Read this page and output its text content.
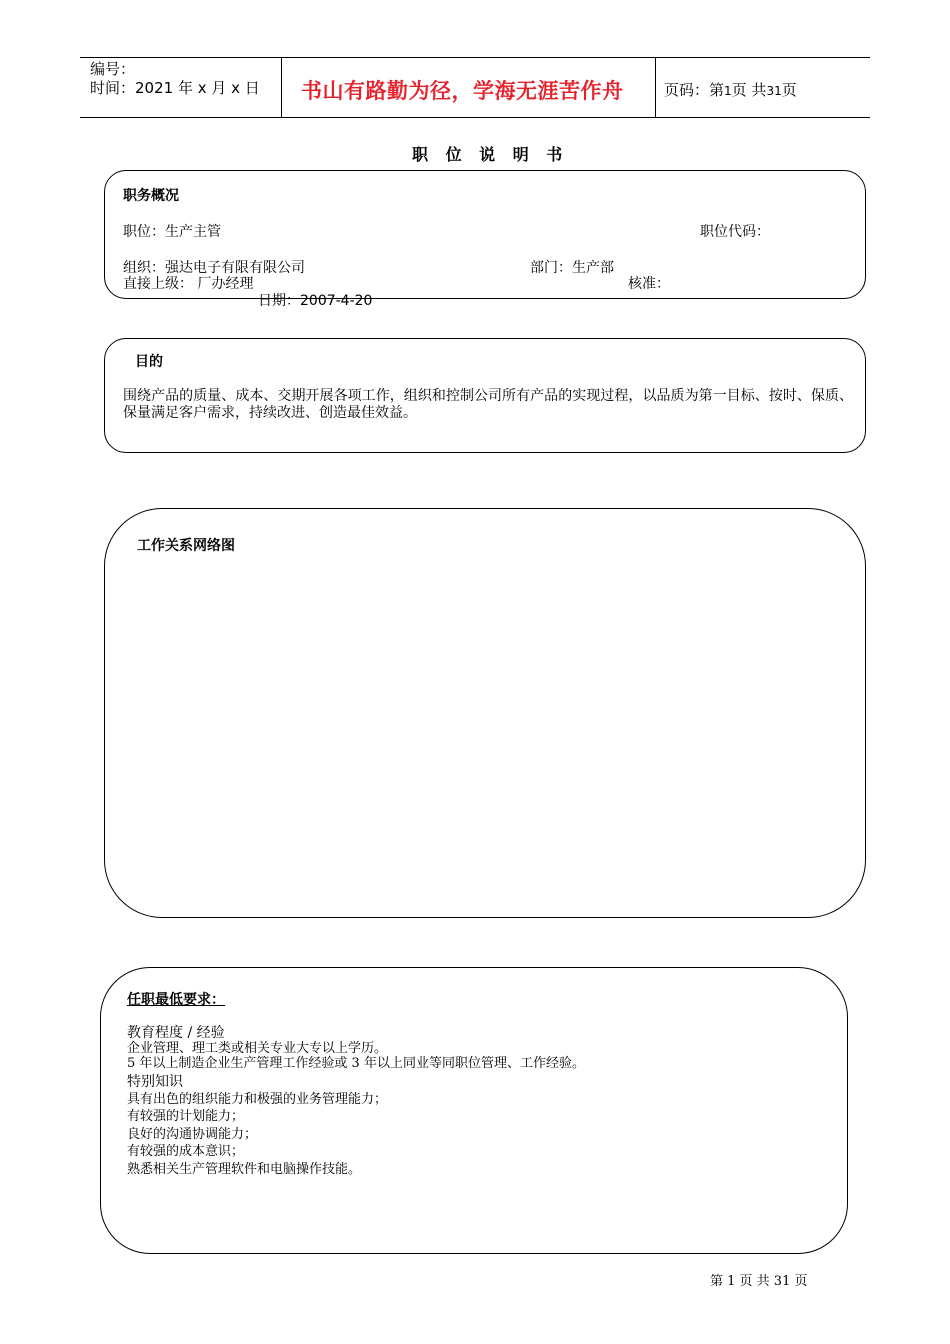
编号：
时间：2021 年 x 月 x 日 书山有路勤为径，学海无涯苦作舟	页码：第1页 共31页
职 位 说 明 书
职务概况
职位：生产主管	职位代码：
组织：强达电子有限有限公司	部门：生产部
直接上级： 厂办经理	核准：
日期：2007-4-20
目的
围绕产品的质量、成本、交期开展各项工作，组织和控制公司所有产品的实现过程，以品质为第一目标、按时、保质、保量满足客户需求，持续改进、创造最佳效益。
工作关系网络图
任职最低要求：
教育程度 / 经验
企业管理、理工类或相关专业大专以上学历。
5 年以上制造企业生产管理工作经验或 3 年以上同业等同职位管理、工作经验。
特别知识
具有出色的组织能力和极强的业务管理能力；
有较强的计划能力；
良好的沟通协调能力；
有较强的成本意识；
熟悉相关生产管理软件和电脑操作技能。
第 1 页 共 31 页
